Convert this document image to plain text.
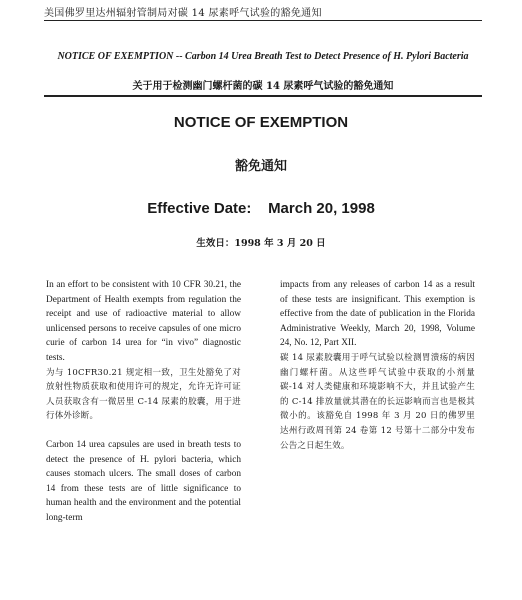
美国佛罗里达州辐射管制局对碳 14 尿素呼气试验的豁免通知
NOTICE OF EXEMPTION -- Carbon 14 Urea Breath Test to Detect Presence of H. Pylori Bacteria
关于用于检测幽门螺杆菌的碳 14 尿素呼气试验的豁免通知
NOTICE OF EXEMPTION
豁免通知
Effective Date: March 20, 1998
生效日：1998 年 3 月 20 日

In an effort to be consistent with 10 CFR 30.21, the Department of Health exempts from regulation the receipt and use of radioactive material to allow unlicensed persons to receive capsules of one micro curie of carbon 14 urea for “in vivo” diagnostic tests.

为与 10CFR30.21 规定相一致，卫生处豁免了对放射性物质获取和使用许可的规定，允许无许可证人员获取含有一微居里 C-14 尿素的胶囊，用于进行体外诊断。

Carbon 14 urea capsules are used in breath tests to detect the presence of H. pylori bacteria, which causes stomach ulcers. The small doses of carbon 14 from these tests are of little significance to human health and the environment and the potential long-term

impacts from any releases of carbon 14 as a result of these tests are insignificant. This exemption is effective from the date of publication in the Florida Administrative Weekly, March 20, 1998, Volume 24, No. 12, Part XII.

碳 14 尿素胶囊用于呼气试验以检测胃溃疡的病因幽门螺杆菌。从这些呼气试验中获取的小剂量碳-14 对人类健康和环境影响不大，并且试验产生的 C-14 排放量就其潜在的长远影响而言也是极其微小的。该豁免自 1998 年 3 月 20 日的佛罗里达州行政周刊第 24 卷第 12 号第十二部分中发布公告之日起生效。
